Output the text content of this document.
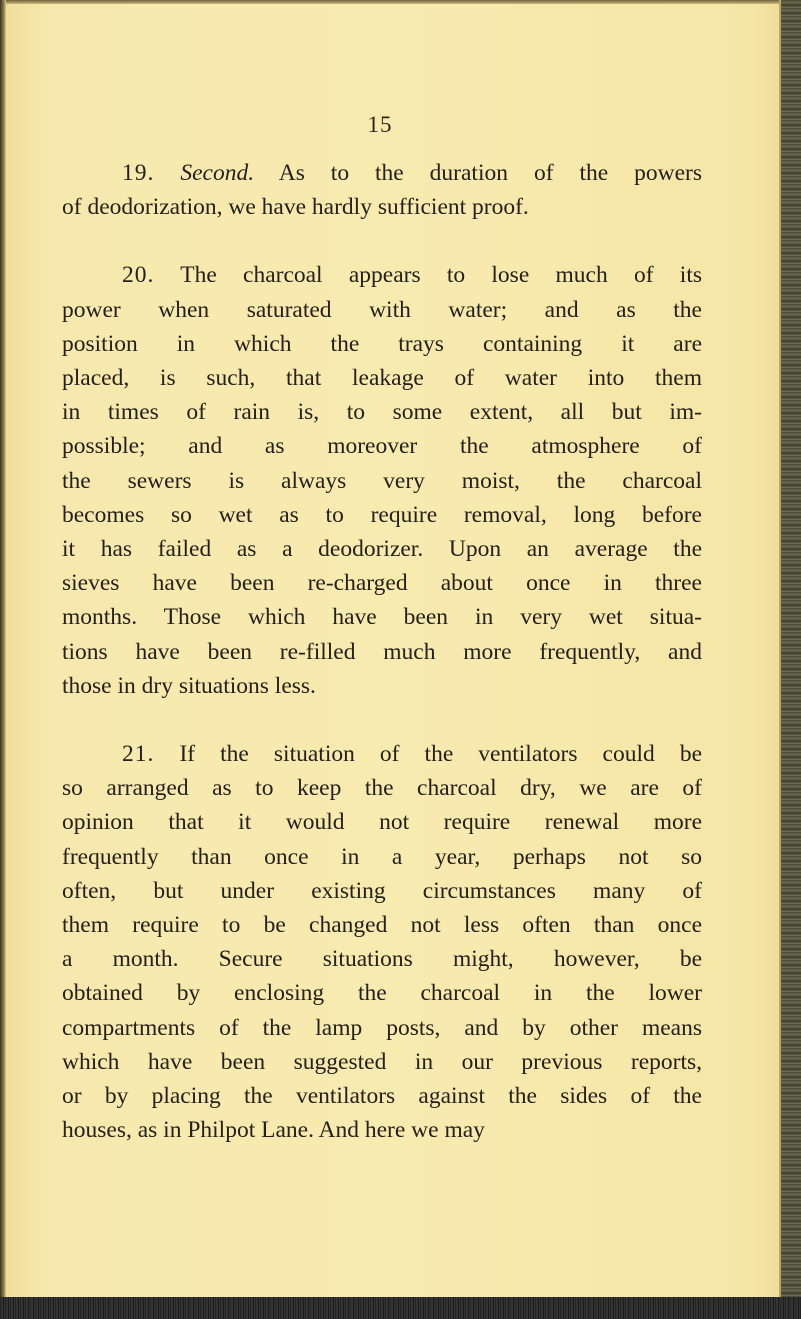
15
19. Second. As to the duration of the powers
of deodorization, we have hardly sufficient proof.
20. The charcoal appears to lose much of its
power when saturated with water; and as the
position in which the trays containing it are
placed, is such, that leakage of water into them
in times of rain is, to some extent, all but im-
possible; and as moreover the atmosphere of
the sewers is always very moist, the charcoal
becomes so wet as to require removal, long before
it has failed as a deodorizer. Upon an average the
sieves have been re-charged about once in three
months. Those which have been in very wet situa-
tions have been re-filled much more frequently, and
those in dry situations less.
21. If the situation of the ventilators could be
so arranged as to keep the charcoal dry, we are of
opinion that it would not require renewal more
frequently than once in a year, perhaps not so
often, but under existing circumstances many of
them require to be changed not less often than once
a month. Secure situations might, however, be
obtained by enclosing the charcoal in the lower
compartments of the lamp posts, and by other means
which have been suggested in our previous reports,
or by placing the ventilators against the sides of the
houses, as in Philpot Lane. And here we may
